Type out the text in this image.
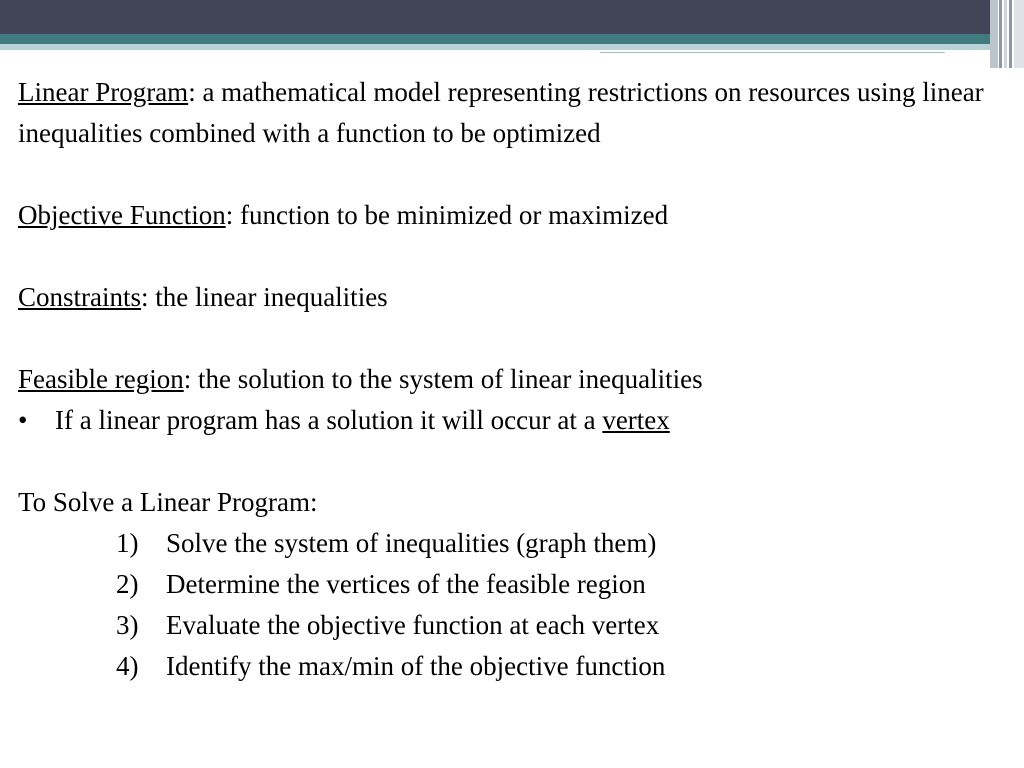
Linear Program: a mathematical model representing restrictions on resources using linear inequalities combined with a function to be optimized

Objective Function: function to be minimized or maximized

Constraints: the linear inequalities

Feasible region: the solution to the system of linear inequalities

•	If a linear program has a solution it will occur at a vertex

To Solve a Linear Program:

1)	Solve the system of inequalities (graph them)
2)	Determine the vertices of the feasible region
3)	Evaluate the objective function at each vertex
4)	Identify the max/min of the objective function
